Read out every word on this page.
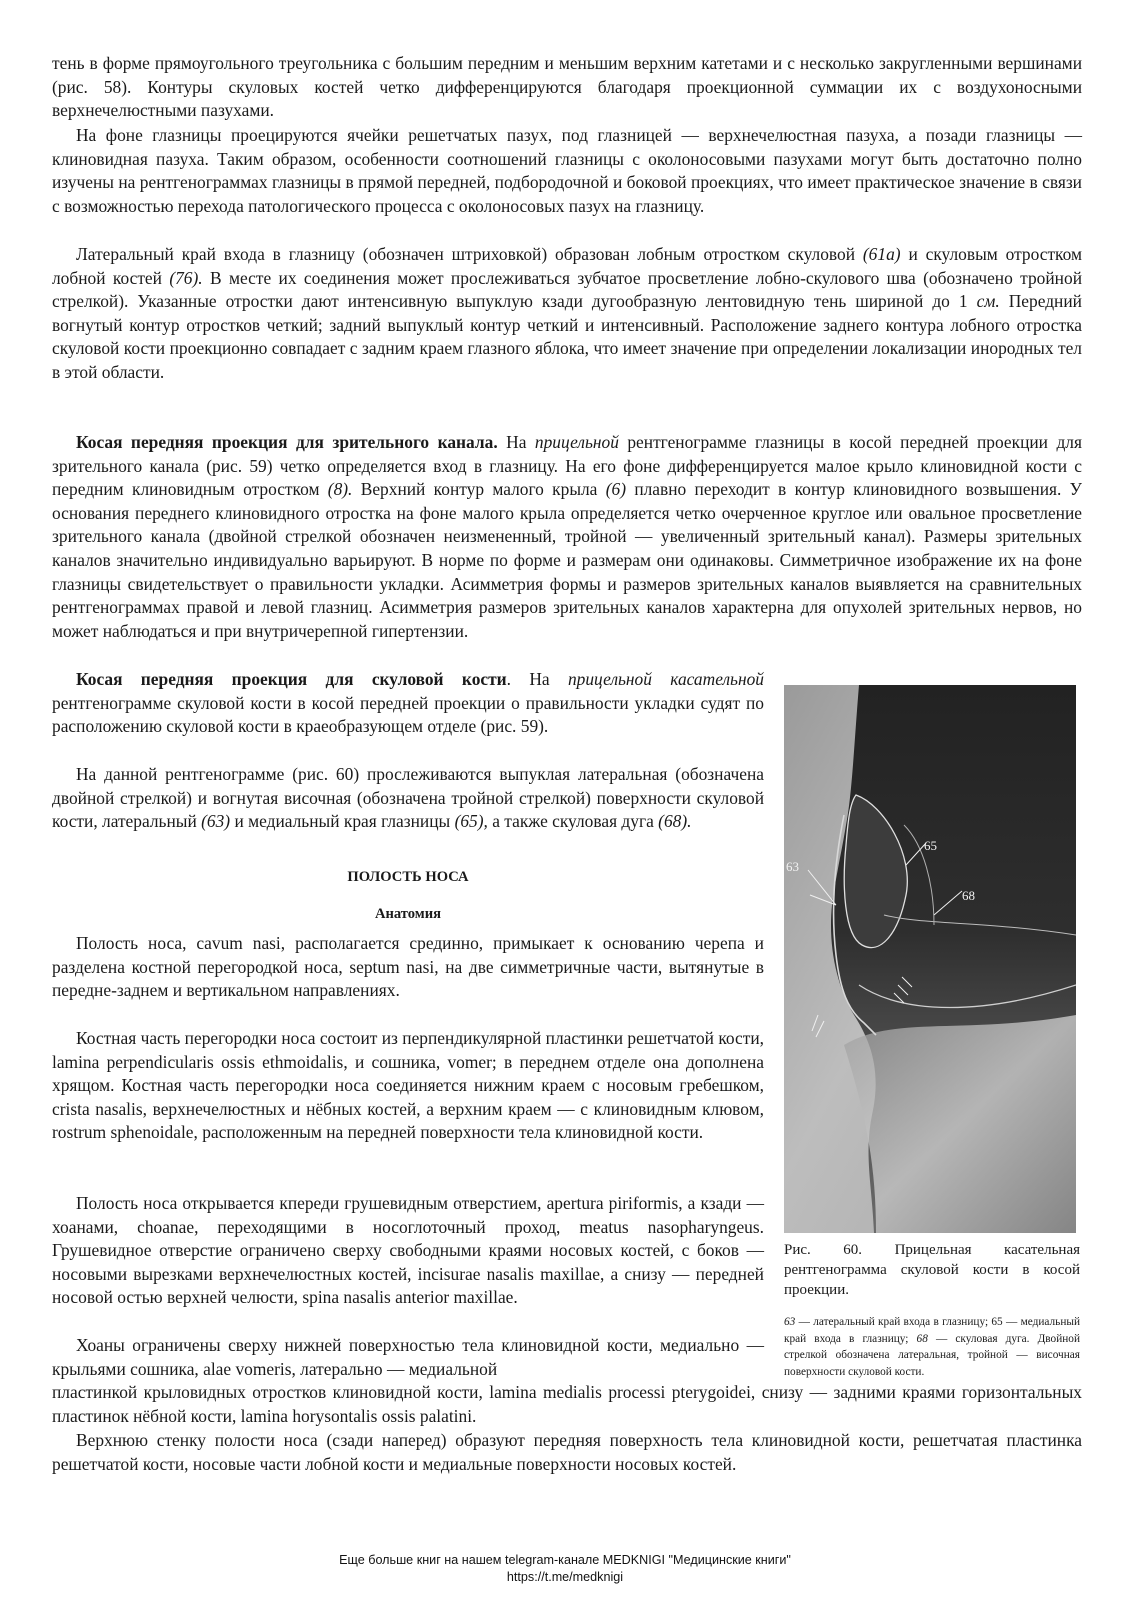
тень в форме прямоугольного треугольника с большим передним и меньшим верхним катетами и с несколько закругленными вершинами (рис. 58). Контуры скуловых костей четко дифференцируются благодаря проекционной суммации их с воздухоносными верхнечелюстными пазухами.

На фоне глазницы проецируются ячейки решетчатых пазух, под глазницей — верхнечелюстная пазуха, а позади глазницы — клиновидная пазуха. Таким образом, особенности соотношений глазницы с околоносовыми пазухами могут быть достаточно полно изучены на рентгенограммах глазницы в прямой передней, подбородочной и боковой проекциях, что имеет практическое значение в связи с возможностью перехода патологического процесса с околоносовых пазух на глазницу.

Латеральный край входа в глазницу (обозначен штриховкой) образован лобным отростком скуловой (61а) и скуловым отростком лобной костей (76). В месте их соединения может прослеживаться зубчатое просветление лобно-скулового шва (обозначено тройной стрелкой). Указанные отростки дают интенсивную выпуклую кзади дугообразную лентовидную тень шириной до 1 см. Передний вогнутый контур отростков четкий; задний выпуклый контур четкий и интенсивный. Расположение заднего контура лобного отростка скуловой кости проекционно совпадает с задним краем глазного яблока, что имеет значение при определении локализации инородных тел в этой области.

Косая передняя проекция для зрительного канала. На прицельной рентгенограмме глазницы в косой передней проекции для зрительного канала (рис. 59) четко определяется вход в глазницу. На его фоне дифференцируется малое крыло клиновидной кости с передним клиновидным отростком (8). Верхний контур малого крыла (6) плавно переходит в контур клиновидного возвышения. У основания переднего клиновидного отростка на фоне малого крыла определяется четко очерченное круглое или овальное просветление зрительного канала (двойной стрелкой обозначен неизмененный, тройной — увеличенный зрительный канал). Размеры зрительных каналов значительно индивидуально варьируют. В норме по форме и размерам они одинаковы. Симметричное изображение их на фоне глазницы свидетельствует о правильности укладки. Асимметрия формы и размеров зрительных каналов выявляется на сравнительных рентгенограммах правой и левой глазниц. Асимметрия размеров зрительных каналов характерна для опухолей зрительных нервов, но может наблюдаться и при внутричерепной гипертензии.

Косая передняя проекция для скуловой кости. На прицельной касательной рентгенограмме скуловой кости в косой передней проекции о правильности укладки судят по расположению скуловой кости в краеобразующем отделе (рис. 59).

На данной рентгенограмме (рис. 60) прослеживаются выпуклая латеральная (обозначена двойной стрелкой) и вогнутая височная (обозначена тройной стрелкой) поверхности скуловой кости, латеральный (63) и медиальный края глазницы (65), а также скуловая дуга (68).

ПОЛОСТЬ НОСА

Анатомия

Полость носа, cavum nasi, располагается срединно, примыкает к основанию черепа и разделена костной перегородкой носа, septum nasi, на две симметричные части, вытянутые в передне-заднем и вертикальном направлениях.

Костная часть перегородки носа состоит из перпендикулярной пластинки решетчатой кости, lamina perpendicularis ossis ethmoidalis, и сошника, vomer; в переднем отделе она дополнена хрящом. Костная часть перегородки носа соединяется нижним краем с носовым гребешком, crista nasalis, верхнечелюстных и нёбных костей, а верхним краем — с клиновидным клювом, rostrum sphenoidale, расположенным на передней поверхности тела клиновидной кости.

Полость носа открывается кпереди грушевидным отверстием, apertura piriformis, а кзади — хоанами, choanae, переходящими в носоглоточный проход, meatus nasopharyngeus. Грушевидное отверстие ограничено сверху свободными краями носовых костей, с боков — носовыми вырезками верхнечелюстных костей, incisurae nasalis maxillae, а снизу — передней носовой остью верхней челюсти, spina nasalis anterior maxillae.

Хоаны ограничены сверху нижней поверхностью тела клиновидной кости, медиально — крыльями сошника, alae vomeris, латерально — медиальной

пластинкой крыловидных отростков клиновидной кости, lamina medialis processi pterygoidei, снизу — задними краями горизонтальных пластинок нёбной кости, lamina horysontalis ossis palatini.

Верхнюю стенку полости носа (сзади наперед) образуют передняя поверхность тела клиновидной кости, решетчатая пластинка решетчатой кости, носовые части лобной кости и медиальные поверхности носовых костей.

63
65
68
Рис. 60. Прицельная касательная рентгенограмма скуловой кости в косой проекции.
63 — латеральный край входа в глазницу; 65 — медиальный край входа в глазницу; 68 — скуловая дуга. Двойной стрелкой обозначена латеральная, тройной — височная поверхности скуловой кости.
Еще больше книг на нашем telegram-канале MEDKNIGI "Медицинские книги"
https://t.me/medknigi
